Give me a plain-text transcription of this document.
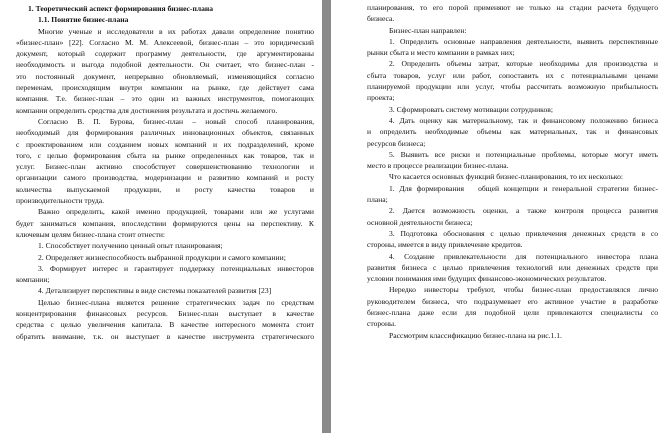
1. Теоретический аспект формирования бизнес-плана
1.1. Понятие бизнес-плана
Многие ученые и исследователи в их работах давали определение понятию
«бизнес-план» [22]. Согласно М. М. Алексеевой, бизнес-план – это юридический
документ, который содержит программу деятельности, где аргументированы
необходимость и выгода подобной деятельности. Он считает, что бизнес-план -
это постоянный документ, непрерывно обновляемый, изменяющийся согласно
переменам, происходящим внутри компании на рынке, где действует сама
компания. Т.е. бизнес-план – это один из важных инструментов, помогающих
компании определить средства для достижения результата и достичь желаемого.
Согласно В. П. Бурова, бизнес-план – новый способ планирования,
необходимый для формирования различных инновационных объектов, связанных
с проектированием или созданием новых компаний и их подразделений, кроме
того, с целью формирования сбыта на рынке определенных как товаров, так и
услуг. Бизнес-план активно способствует совершенствованию технологии и
организации самого производства, модернизации и развитию компаний и росту
количества    выпускаемой    продукции,    и    росту    качества    товаров    и
производительности труда.
Важно определить, какой именно продукцией, товарами или же услугами
будет заниматься компания, впоследствии формируются цены на перспективу. К
ключевым целям бизнес-плана стоит отнести:
1. Способствует получению ценный опыт планирования;
2. Определяет жизнеспособность выбранной продукции и самого компании;
3. Формирует интерес и гарантирует поддержку потенциальных инвесторов
компании;
4. Детализирует перспективы в виде системы показателей развития [23]
Целью бизнес-плана является решение стратегических задач по средствам
концентрирования финансовых ресурсов. Бизнес-план выступает в качестве
средства с целью увеличения капитала. В качестве интересного момента стоит
обратить внимание, т.к. он выступает в качестве инструмента стратегического
планирования, то его порой применяют не только на стадии расчета будущего
бизнеса.
Бизнес-план направлен:
1. Определить основные направления деятельности, выявить перспективные
рынки сбыта и место компании в рамках них;
2. Определить объемы затрат, которые необходимы для производства и
сбыта товаров, услуг или работ, сопоставить их с потенциальными ценами
планируемой продукции или услуг, чтобы рассчитать возможную прибыльность
проекта;
3. Сформировать систему мотивации сотрудников;
4. Дать оценку как материальному, так и финансовому положению бизнеса
и определить необходимые объемы как материальных, так и финансовых
ресурсов бизнеса;
5. Выявить все риски и потенциальные проблемы, которые могут иметь
место в процессе реализации бизнес-плана.
Что касается основных функций бизнес-планирования, то их несколько:
1. Для формирования   общей концепции и генеральной стратегии бизнес-
плана;
2. Дается возможность оценки, а также контроля процесса развития
основной деятельности бизнеса;
3. Подготовка обоснования с целью привлечения денежных средств в со
стороны, имеется в виду привлечение кредитов.
4. Создание привлекательности для потенциального инвестора плана
развития бизнеса с целью привлечения технологий или денежных средств при
условии понимания ими будущих финансово-экономических результатов.
Нередко инвесторы требуют, чтобы бизнес-план предоставлялся лично
руководителем бизнеса, что подразумевает его активное участие в разработке
бизнес-плана даже если для подобной цели привлекаются специалисты со
стороны.
Рассмотрим классификацию бизнес-плана на рис.1.1.
